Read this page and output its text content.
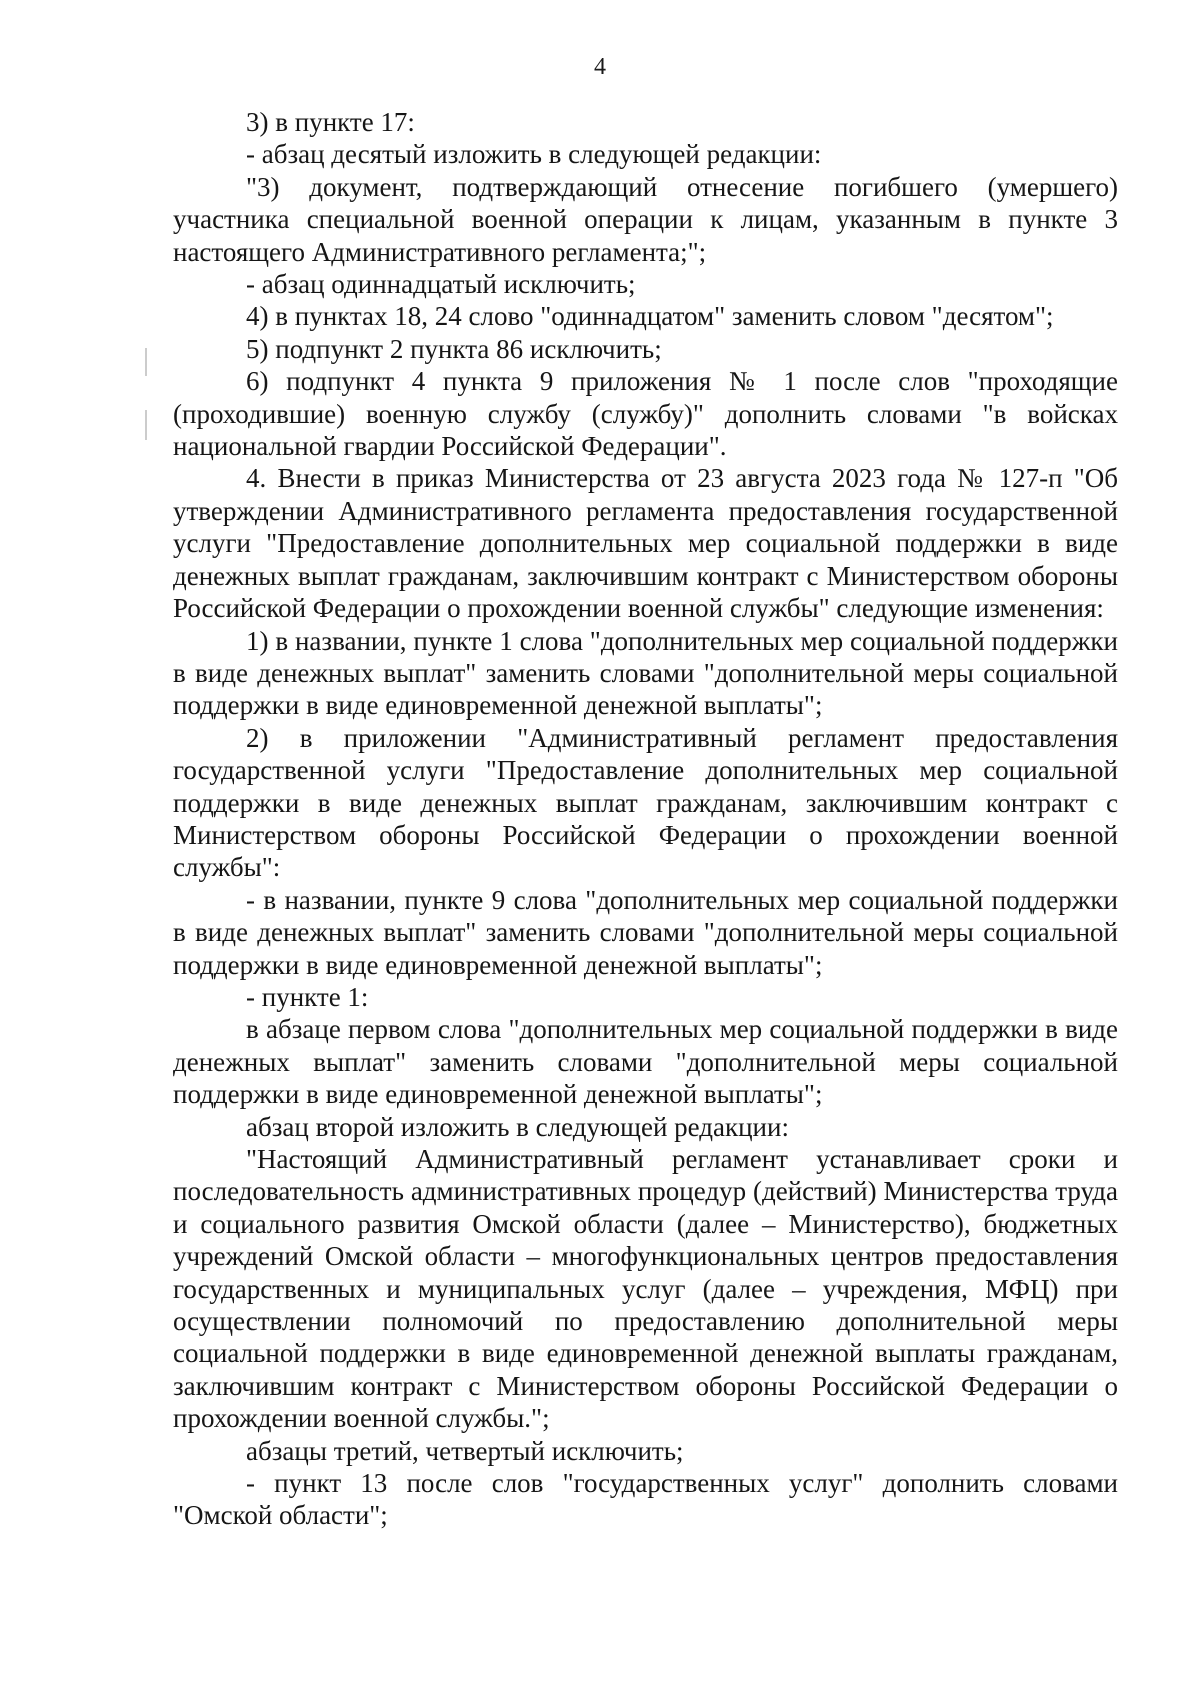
4

3) в пункте 17:

- абзац десятый изложить в следующей редакции:

"3) документ, подтверждающий отнесение погибшего (умершего) участника специальной военной операции к лицам, указанным в пункте 3 настоящего Административного регламента;";

- абзац одиннадцатый исключить;

4) в пунктах 18, 24 слово "одиннадцатом" заменить словом "десятом";

5) подпункт 2 пункта 86 исключить;

6) подпункт 4 пункта 9 приложения № 1 после слов "проходящие (проходившие) военную службу (службу)" дополнить словами "в войсках национальной гвардии Российской Федерации".

4. Внести в приказ Министерства от 23 августа 2023 года № 127-п "Об утверждении Административного регламента предоставления государственной услуги "Предоставление дополнительных мер социальной поддержки в виде денежных выплат гражданам, заключившим контракт с Министерством обороны Российской Федерации о прохождении военной службы" следующие изменения:

1) в названии, пункте 1 слова "дополнительных мер социальной поддержки в виде денежных выплат" заменить словами "дополнительной меры социальной поддержки в виде единовременной денежной выплаты";

2) в приложении "Административный регламент предоставления государственной услуги "Предоставление дополнительных мер социальной поддержки в виде денежных выплат гражданам, заключившим контракт с Министерством обороны Российской Федерации о прохождении военной службы":

- в названии, пункте 9 слова "дополнительных мер социальной поддержки в виде денежных выплат" заменить словами "дополнительной меры социальной поддержки в виде единовременной денежной выплаты";

- пункте 1:

в абзаце первом слова "дополнительных мер социальной поддержки в виде денежных выплат" заменить словами "дополнительной меры социальной поддержки в виде единовременной денежной выплаты";

абзац второй изложить в следующей редакции:

"Настоящий Административный регламент устанавливает сроки и последовательность административных процедур (действий) Министерства труда и социального развития Омской области (далее – Министерство), бюджетных учреждений Омской области – многофункциональных центров предоставления государственных и муниципальных услуг (далее – учреждения, МФЦ) при осуществлении полномочий по предоставлению дополнительной меры социальной поддержки в виде единовременной денежной выплаты гражданам, заключившим контракт с Министерством обороны Российской Федерации о прохождении военной службы.";

абзацы третий, четвертый исключить;

- пункт 13 после слов "государственных услуг" дополнить словами "Омской области";
